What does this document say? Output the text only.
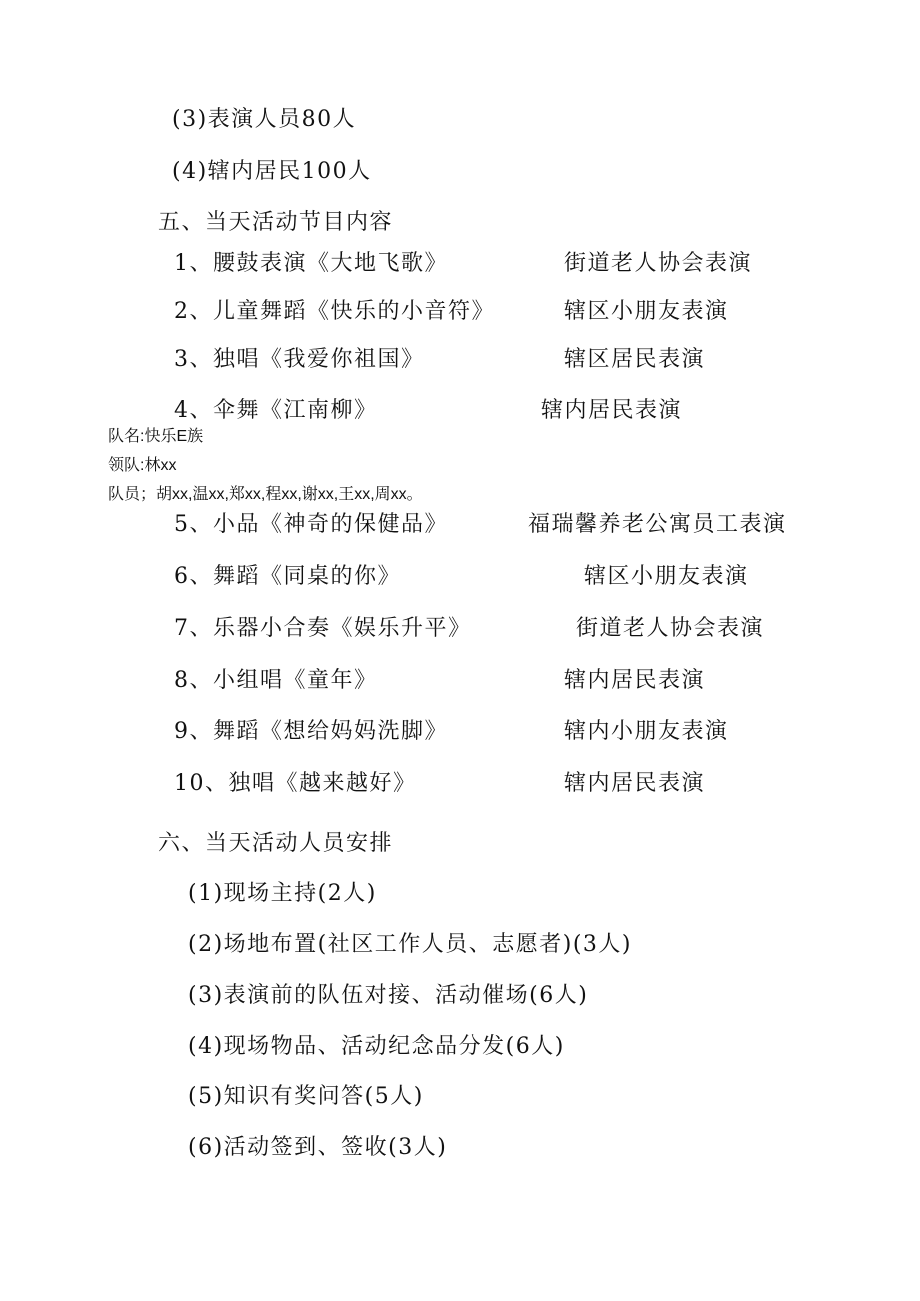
(3)表演人员80人
(4)辖内居民100人
五、当天活动节目内容
1、腰鼓表演《大地飞歌》	街道老人协会表演
2、儿童舞蹈《快乐的小音符》	辖区小朋友表演
3、独唱《我爱你祖国》	辖区居民表演
4、伞舞《江南柳》	辖内居民表演
队名:快乐E族
领队:林xx
队员；胡xx,温xx,郑xx,程xx,谢xx,王xx,周xx。
5、小品《神奇的保健品》	福瑞馨养老公寓员工表演
6、舞蹈《同桌的你》	辖区小朋友表演
7、乐器小合奏《娱乐升平》	街道老人协会表演
8、小组唱《童年》	辖内居民表演
9、舞蹈《想给妈妈洗脚》	辖内小朋友表演
10、独唱《越来越好》	辖内居民表演
六、当天活动人员安排
(1)现场主持(2人)
(2)场地布置(社区工作人员、志愿者)(3人)
(3)表演前的队伍对接、活动催场(6人)
(4)现场物品、活动纪念品分发(6人)
(5)知识有奖问答(5人)
(6)活动签到、签收(3人)
